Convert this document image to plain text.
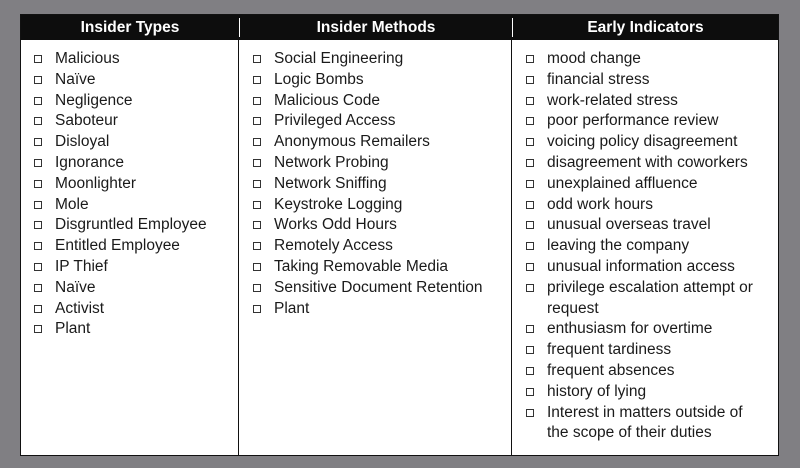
Insider Types	Insider Methods	Early Indicators
Malicious
Naïve
Negligence
Saboteur
Disloyal
Ignorance
Moonlighter
Mole
Disgruntled Employee
Entitled Employee
IP Thief
Naïve
Activist
Plant
Social Engineering
Logic Bombs
Malicious Code
Privileged Access
Anonymous Remailers
Network Probing
Network Sniffing
Keystroke Logging
Works Odd Hours
Remotely Access
Taking Removable Media
Sensitive Document Retention
Plant
mood change
financial stress
work-related stress
poor performance review
voicing policy disagreement
disagreement with coworkers
unexplained affluence
odd work hours
unusual overseas travel
leaving the company
unusual information access
privilege escalation attempt or request
enthusiasm for overtime
frequent tardiness
frequent absences
history of lying
Interest in matters outside of the scope of their duties
